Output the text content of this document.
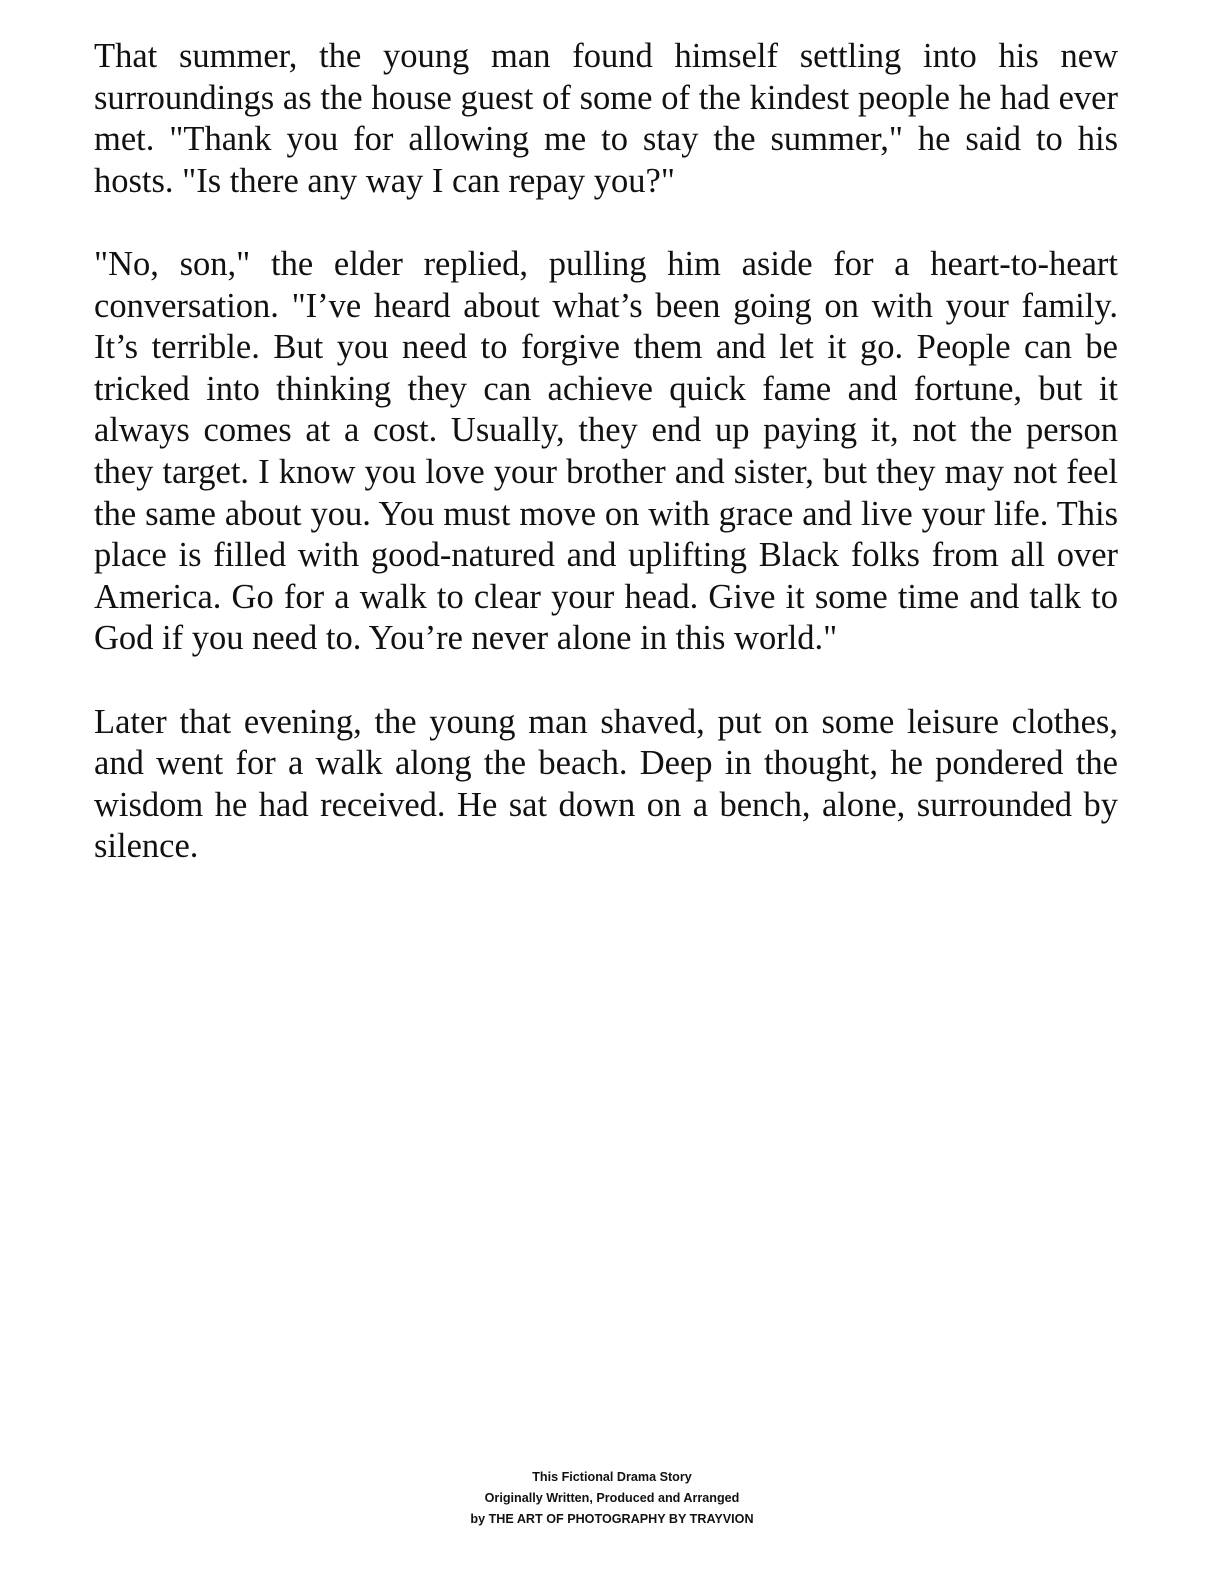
That summer, the young man found himself settling into his new surroundings as the house guest of some of the kindest people he had ever met. "Thank you for allowing me to stay the summer," he said to his hosts. "Is there any way I can repay you?"

"No, son," the elder replied, pulling him aside for a heart-to-heart conversation. "I’ve heard about what’s been going on with your family. It’s terrible. But you need to forgive them and let it go. People can be tricked into thinking they can achieve quick fame and fortune, but it always comes at a cost. Usually, they end up paying it, not the person they target. I know you love your brother and sister, but they may not feel the same about you. You must move on with grace and live your life. This place is filled with good-natured and uplifting Black folks from all over America. Go for a walk to clear your head. Give it some time and talk to God if you need to. You’re never alone in this world."

Later that evening, the young man shaved, put on some leisure clothes, and went for a walk along the beach. Deep in thought, he pondered the wisdom he had received. He sat down on a bench, alone, surrounded by silence.

This Fictional Drama Story
Originally Written, Produced and Arranged
by THE ART OF PHOTOGRAPHY BY TRAYVION
